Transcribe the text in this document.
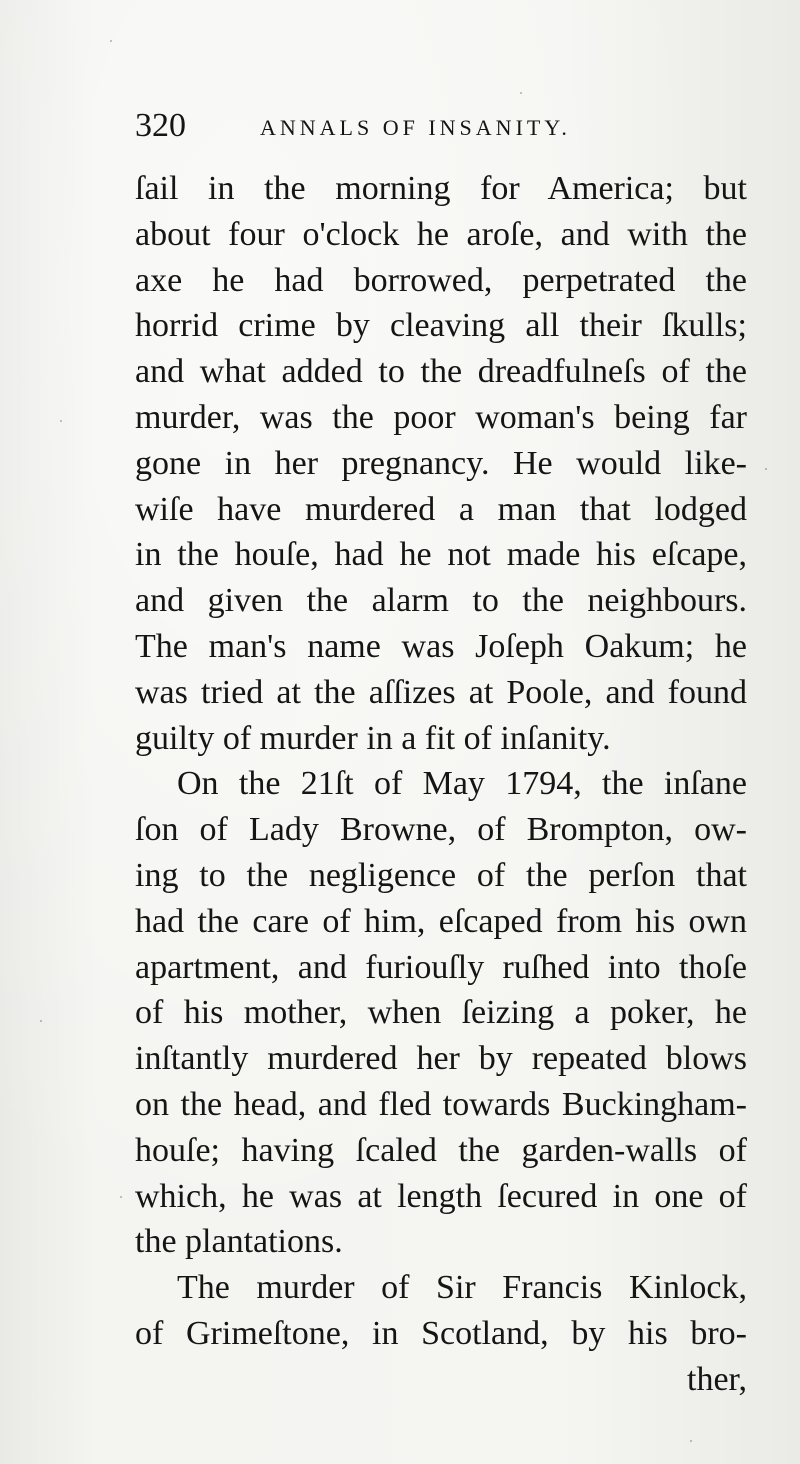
320	ANNALS OF INSANITY.
ſail in the morning for America; but
about four o'clock he aroſe, and with the
axe he had borrowed, perpetrated the
horrid crime by cleaving all their ſkulls;
and what added to the dreadfulneſs of the
murder, was the poor woman's being far
gone in her pregnancy. He would like-
wiſe have murdered a man that lodged
in the houſe, had he not made his eſcape,
and given the alarm to the neighbours.
The man's name was Joſeph Oakum; he
was tried at the aſſizes at Poole, and found
guilty of murder in a fit of inſanity.
On the 21ſt of May 1794, the inſane
ſon of Lady Browne, of Brompton, ow-
ing to the negligence of the perſon that
had the care of him, eſcaped from his own
apartment, and furiouſly ruſhed into thoſe
of his mother, when ſeizing a poker, he
inſtantly murdered her by repeated blows
on the head, and fled towards Buckingham-
houſe; having ſcaled the garden-walls of
which, he was at length ſecured in one of
the plantations.
The murder of Sir Francis Kinlock,
of Grimeſtone, in Scotland, by his bro-
ther,
